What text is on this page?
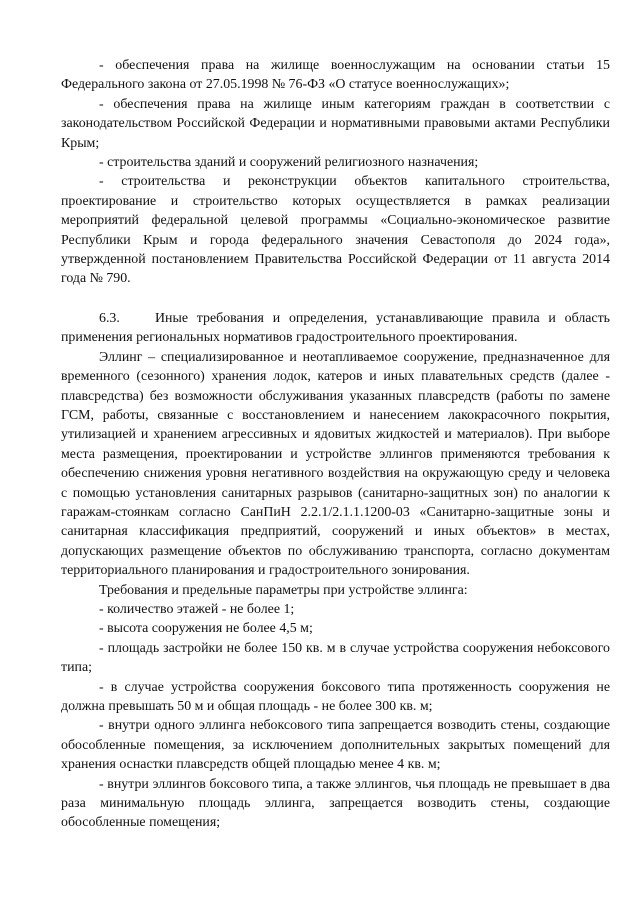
- обеспечения права на жилище военнослужащим на основании статьи 15 Федерального закона от 27.05.1998 № 76-ФЗ «О статусе военнослужащих»;

- обеспечения права на жилище иным категориям граждан в соответствии с законодательством Российской Федерации и нормативными правовыми актами Республики Крым;

- строительства зданий и сооружений религиозного назначения;

- строительства и реконструкции объектов капитального строительства, проектирование и строительство которых осуществляется в рамках реализации мероприятий федеральной целевой программы «Социально-экономическое развитие Республики Крым и города федерального значения Севастополя до 2024 года», утвержденной постановлением Правительства Российской Федерации от 11 августа 2014 года № 790.

6.3.    Иные требования и определения, устанавливающие правила и область применения региональных нормативов градостроительного проектирования.

Эллинг – специализированное и неотапливаемое сооружение, предназначенное для временного (сезонного) хранения лодок, катеров и иных плавательных средств (далее - плавсредства) без возможности обслуживания указанных плавсредств (работы по замене ГСМ, работы, связанные с восстановлением и нанесением лакокрасочного покрытия, утилизацией и хранением агрессивных и ядовитых жидкостей и материалов). При выборе места размещения, проектировании и устройстве эллингов применяются требования к обеспечению снижения уровня негативного воздействия на окружающую среду и человека с помощью установления санитарных разрывов (санитарно-защитных зон) по аналогии к гаражам-стоянкам согласно СанПиН 2.2.1/2.1.1.1200-03 «Санитарно-защитные зоны и санитарная классификация предприятий, сооружений и иных объектов» в местах, допускающих размещение объектов по обслуживанию транспорта, согласно документам территориального планирования и градостроительного зонирования.

Требования и предельные параметры при устройстве эллинга:

- количество этажей - не более 1;

- высота сооружения не более 4,5 м;

- площадь застройки не более 150 кв. м в случае устройства сооружения небоксового типа;

- в случае устройства сооружения боксового типа протяженность сооружения не должна превышать 50 м и общая площадь - не более 300 кв. м;

- внутри одного эллинга небоксового типа запрещается возводить стены, создающие обособленные помещения, за исключением дополнительных закрытых помещений для хранения оснастки плавсредств общей площадью менее 4 кв. м;

- внутри эллингов боксового типа, а также эллингов, чья площадь не превышает в два раза минимальную площадь эллинга, запрещается возводить стены, создающие обособленные помещения;
